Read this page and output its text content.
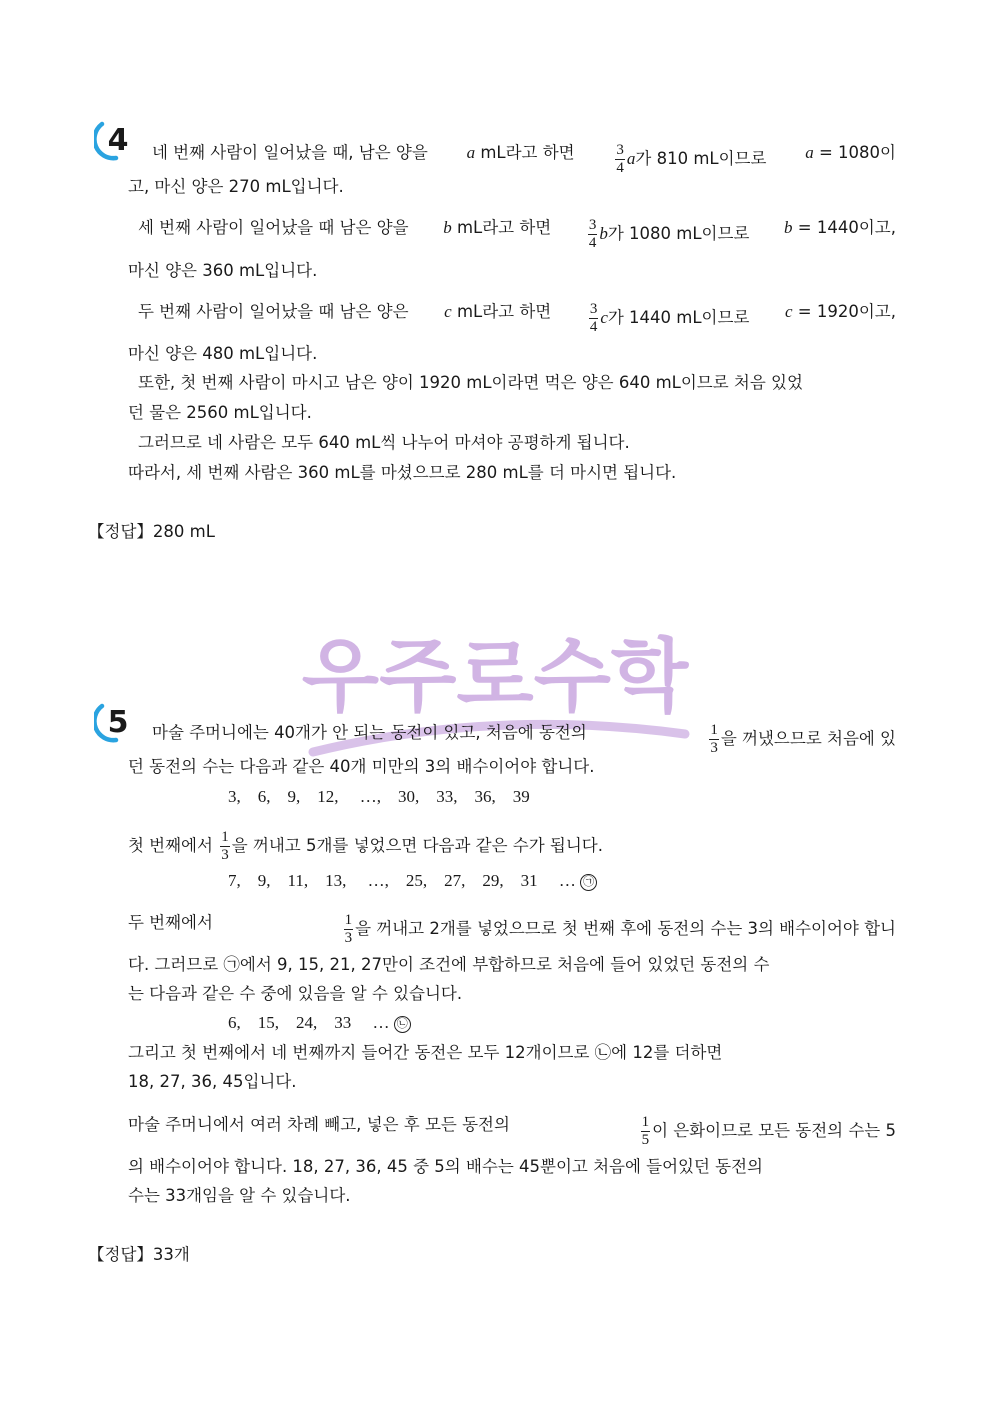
4 네 번째 사람이 일어났을 때, 남은 양을 a mL라고 하면	$\frac{3}{4}$ a가 810 mL이므로 a = 1080이
고, 마신 양은 270 mL입니다.
세 번째 사람이 일어났을 때 남은 양을 b mL라고 하면 $\frac{3}{4}$ b가 1080 mL이므로 b = 1440이고,
마신 양은 360 mL입니다.
두 번째 사람이 일어났을 때 남은 양은 c mL라고 하면	$\frac{3}{4}$ c가 1440 mL이므로 c = 1920이고,
마신 양은 480 mL입니다.
또한, 첫 번째 사람이 마시고 남은 양이 1920 mL이라면 먹은 양은 640 mL이므로 처음 있었
던 물은 2560 mL입니다.
그러므로 네 사람은 모두 640 mL씩 나누어 마셔야 공평하게 됩니다.
따라서, 세 번째 사람은 360 mL를 마셨으므로 280 mL를 더 마시면 됩니다.
【정답】280 mL
우주로수학
5 마술 주머니에는 40개가 안 되는 동전이 있고, 처음에 동전의	$\frac{1}{3}$ 을 꺼냈으므로 처음에 있
던 동전의 수는 다음과 같은 40개 미만의 3의 배수이어야 합니다.
3,　6,　9,　12,　 …,　30,　33,　36,　39
첫 번째에서 $\frac{1}{3}$ 을 꺼내고 5개를 넣었으면 다음과 같은 수가 됩니다.
7,　9,　11,　13,　 …,　25,　27,　29,　31　 … ㉠
두 번째에서	$\frac{1}{3}$ 을 꺼내고 2개를 넣었으므로 첫 번째 후에 동전의 수는 3의 배수이어야 합니
다. 그러므로 ㉠에서 9, 15, 21, 27만이 조건에 부합하므로 처음에 들어 있었던 동전의 수
는 다음과 같은 수 중에 있음을 알 수 있습니다.
6,　15,　24,　33　 … ㉡
그리고 첫 번째에서 네 번째까지 들어간 동전은 모두 12개이므로 ㉡에 12를 더하면
18, 27, 36, 45입니다.
마술 주머니에서 여러 차례 빼고, 넣은 후 모든 동전의	$\frac{1}{5}$ 이 은화이므로 모든 동전의 수는 5
의 배수이어야 합니다. 18, 27, 36, 45 중 5의 배수는 45뿐이고 처음에 들어있던 동전의
수는 33개임을 알 수 있습니다.
【정답】33개
